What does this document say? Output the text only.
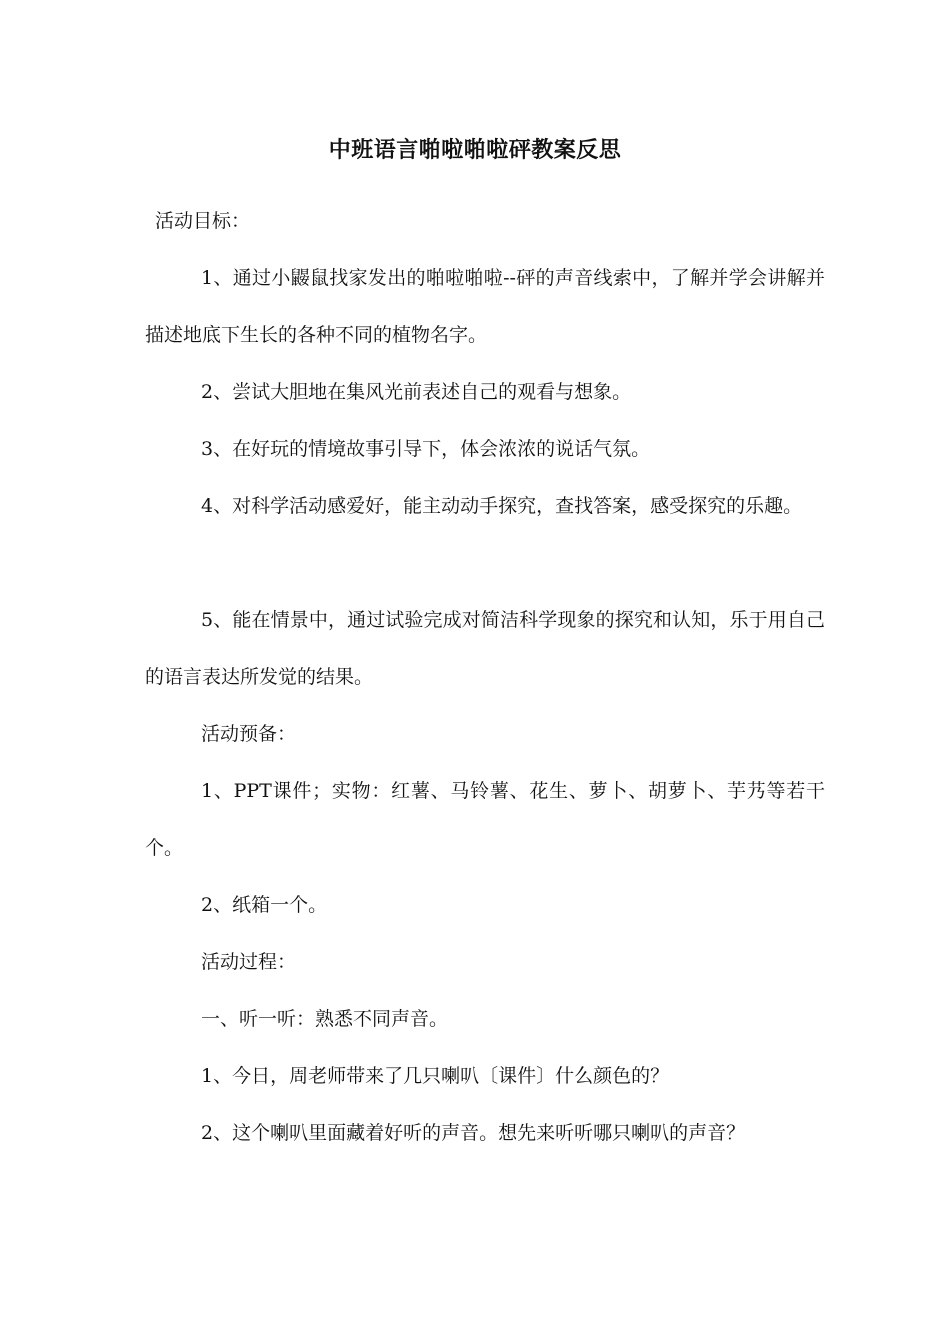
中班语言啪啦啪啦砰教案反思

活动目标：

1、通过小鼹鼠找家发出的啪啦啪啦--砰的声音线索中，了解并学会讲解并描述地底下生长的各种不同的植物名字。

2、尝试大胆地在集风光前表述自己的观看与想象。

3、在好玩的情境故事引导下，体会浓浓的说话气氛。

4、对科学活动感爱好，能主动动手探究，查找答案，感受探究的乐趣。

5、能在情景中，通过试验完成对简洁科学现象的探究和认知，乐于用自己的语言表达所发觉的结果。

活动预备：

1、PPT课件；实物：红薯、马铃薯、花生、萝卜、胡萝卜、芋艿等若干个。

2、纸箱一个。

活动过程：

一、听一听：熟悉不同声音。

1、今日，周老师带来了几只喇叭〔课件〕什么颜色的？

2、这个喇叭里面藏着好听的声音。想先来听听哪只喇叭的声音？
